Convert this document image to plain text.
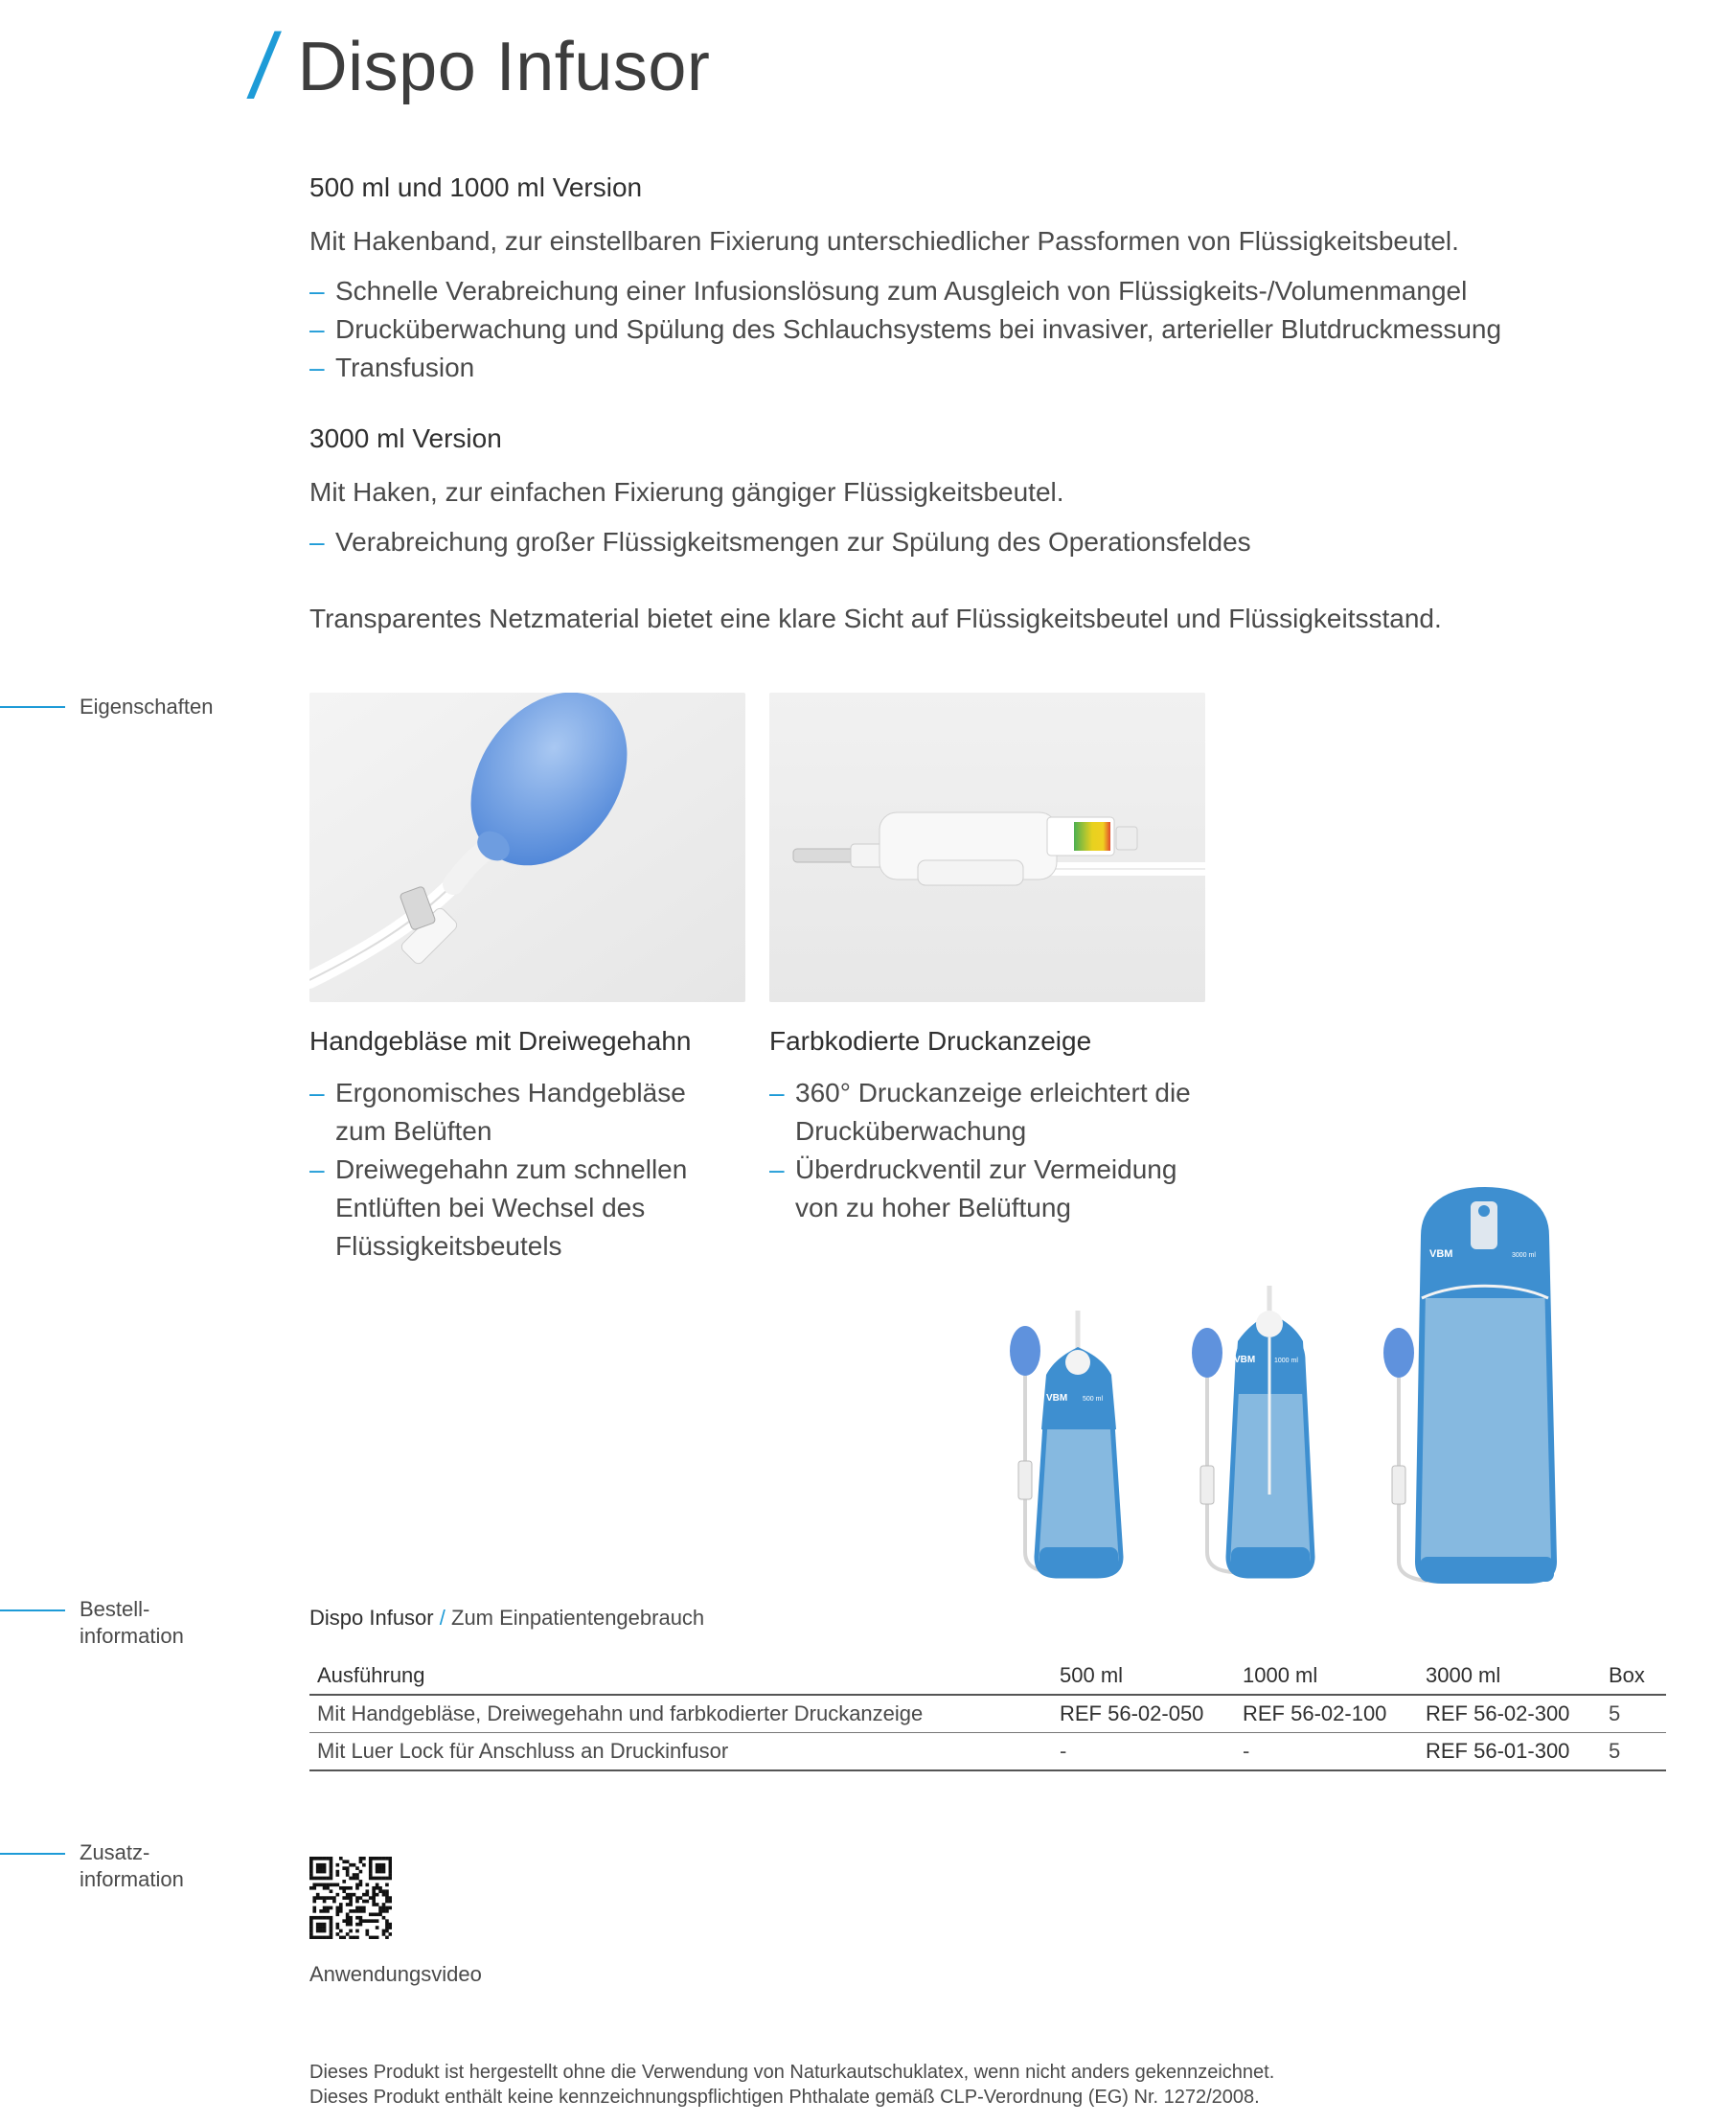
/ Dispo Infusor
500 ml und 1000 ml Version
Mit Hakenband, zur einstellbaren Fixierung unterschiedlicher Passformen von Flüssigkeitsbeutel.
– Schnelle Verabreichung einer Infusionslösung zum Ausgleich von Flüssigkeits-/Volumenmangel
– Drucküberwachung und Spülung des Schlauchsystems bei invasiver, arterieller Blutdruckmessung
– Transfusion
3000 ml Version
Mit Haken, zur einfachen Fixierung gängiger Flüssigkeitsbeutel.
– Verabreichung großer Flüssigkeitsmengen zur Spülung des Operationsfeldes
Transparentes Netzmaterial bietet eine klare Sicht auf Flüssigkeitsbeutel und Flüssigkeitsstand.
Eigenschaften
Handgebläse mit Dreiwegehahn
– Ergonomisches Handgebläse zum Belüften
– Dreiwegehahn zum schnellen Entlüften bei Wechsel des Flüssigkeitsbeutels
Farbkodierte Druckanzeige
– 360° Druckanzeige erleichtert die Drucküberwachung
– Überdruckventil zur Vermeidung von zu hoher Belüftung
VBM 500 ml
VBM	1000 ml
VBM	3000 ml
Bestell-
information
Dispo Infusor / Zum Einpatientengebrauch
Ausführung	500 ml	1000 ml	3000 ml	Box
Mit Handgebläse, Dreiwegehahn und farbkodierter Druckanzeige	REF 56-02-050	REF 56-02-100	REF 56-02-300	5
Mit Luer Lock für Anschluss an Druckinfusor	-	-	REF 56-01-300	5
Zusatz-
information
Anwendungsvideo
Dieses Produkt ist hergestellt ohne die Verwendung von Naturkautschuklatex, wenn nicht anders gekennzeichnet.
Dieses Produkt enthält keine kennzeichnungspflichtigen Phthalate gemäß CLP-Verordnung (EG) Nr. 1272/2008.
